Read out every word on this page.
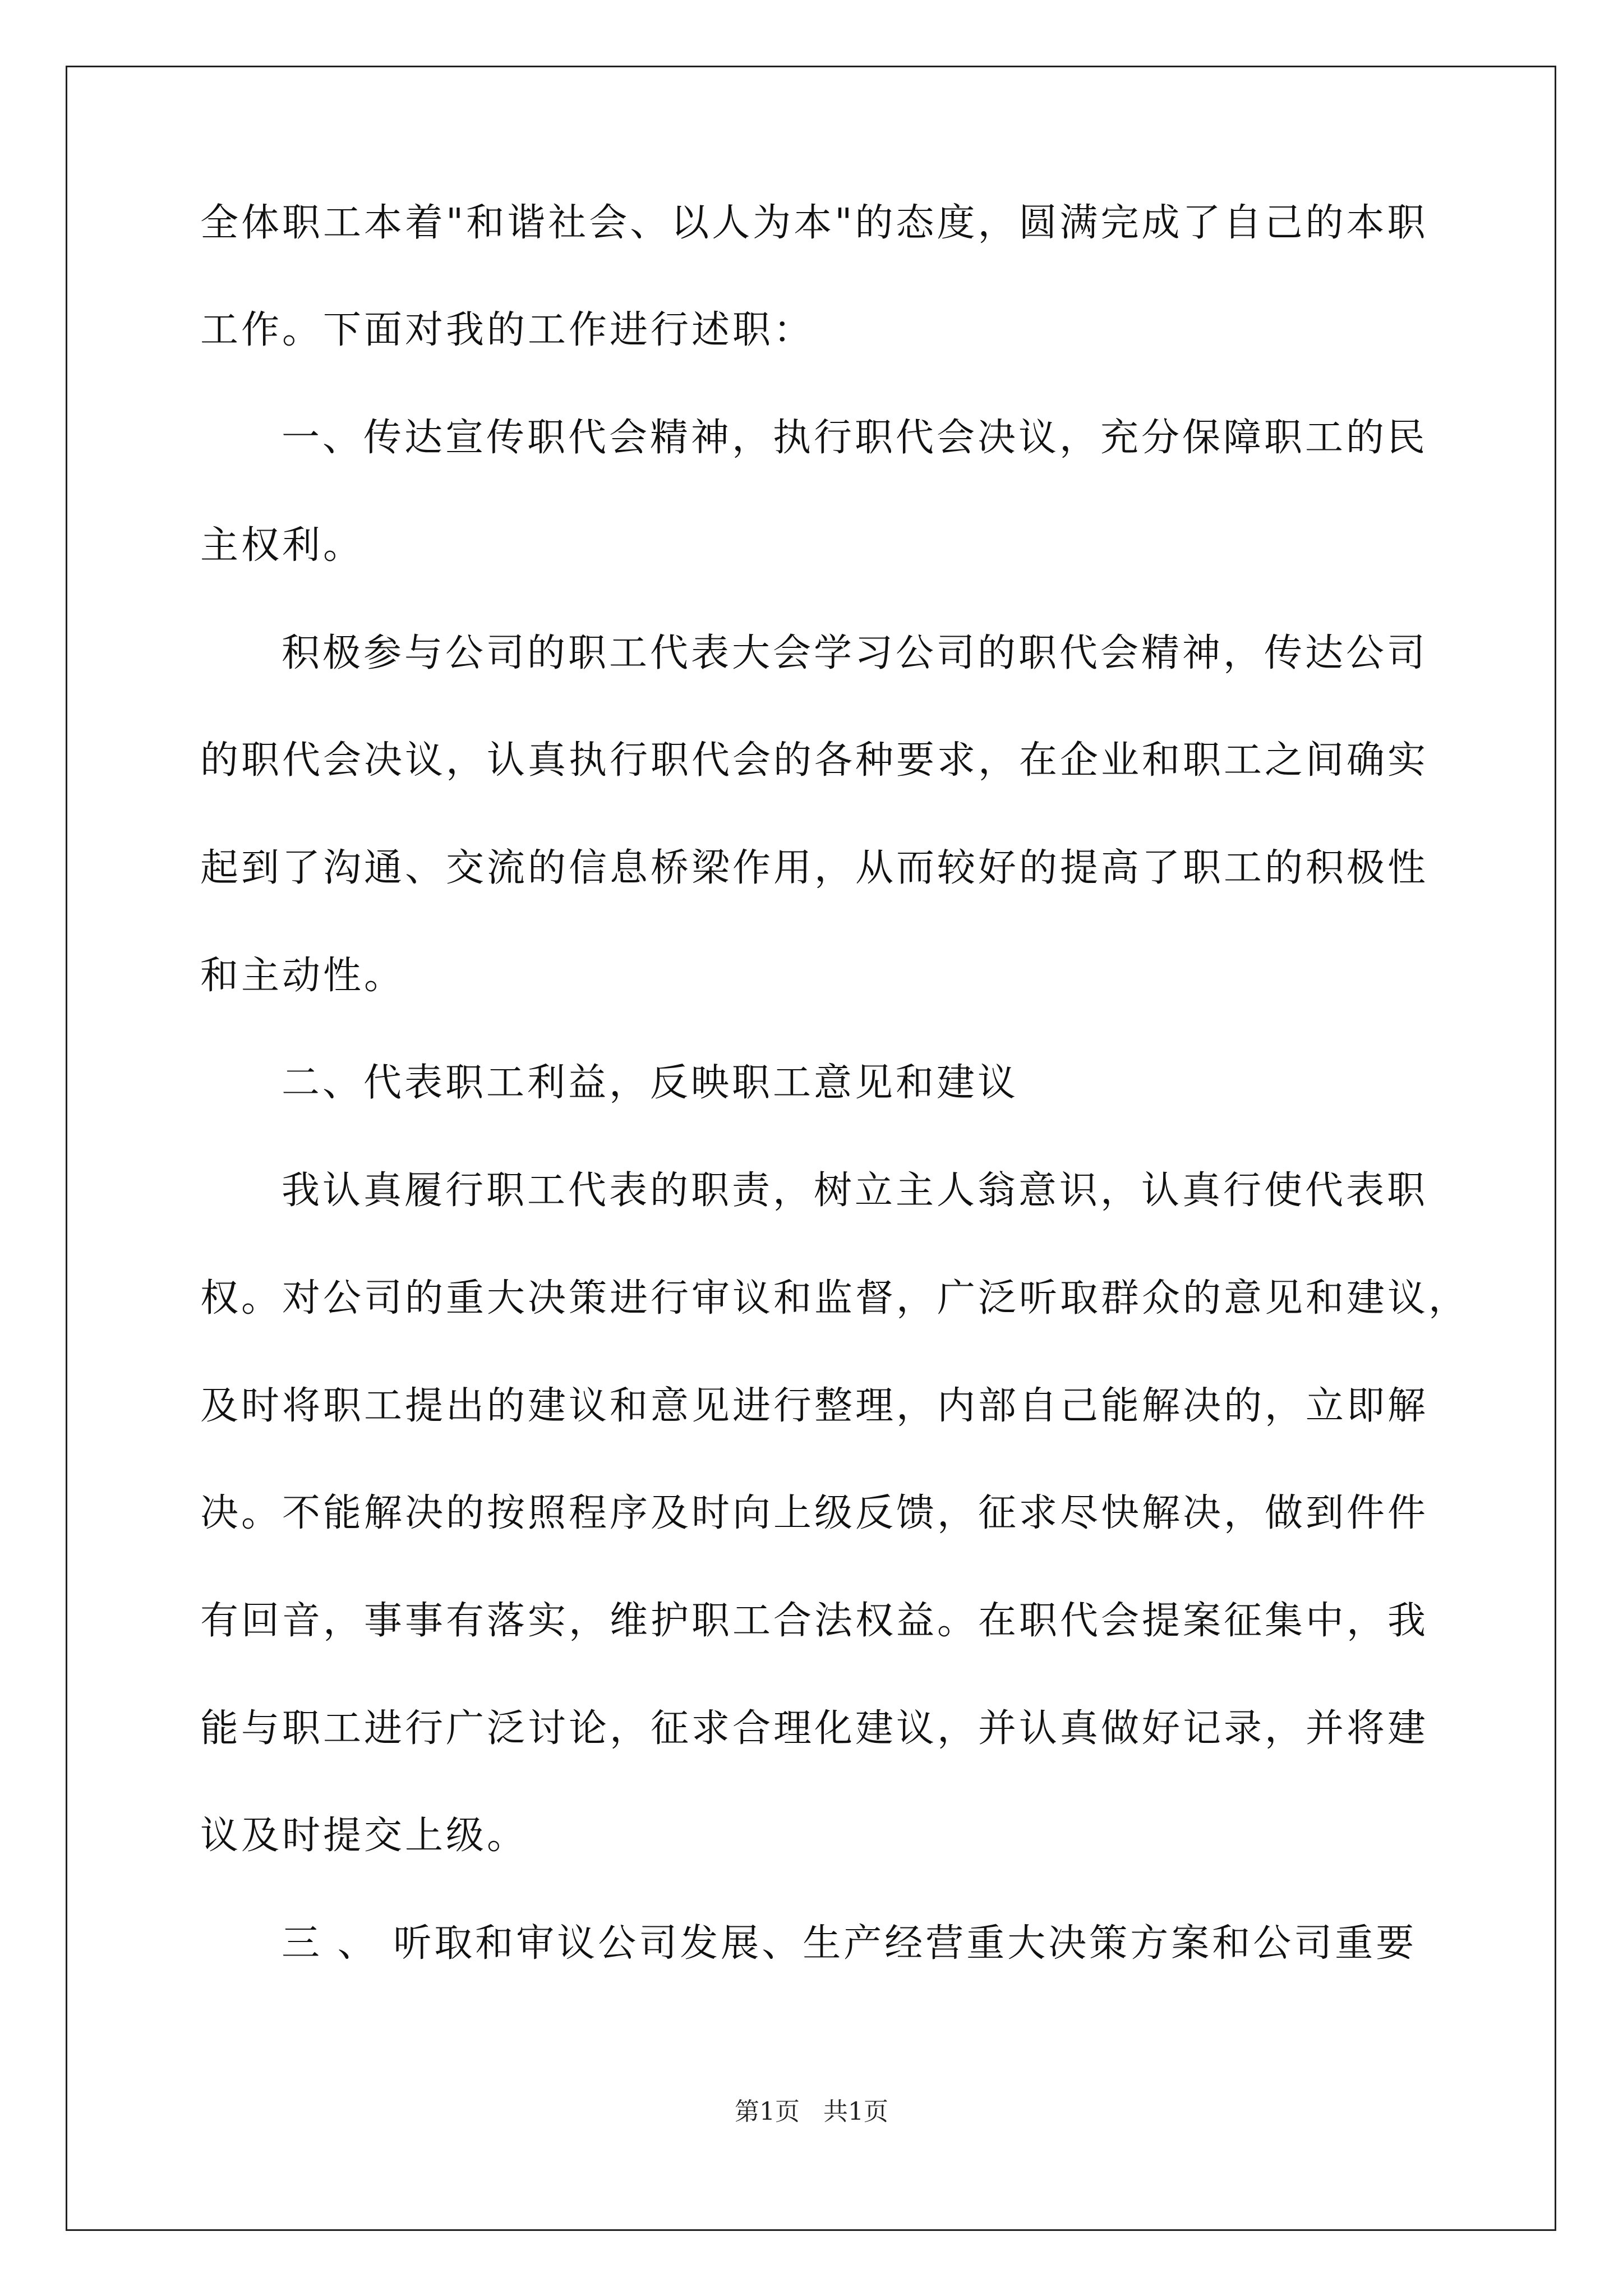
全体职工本着"和谐社会、以人为本"的态度，圆满完成了自己的本职
工作。下面对我的工作进行述职：
一、传达宣传职代会精神，执行职代会决议，充分保障职工的民
主权利。
积极参与公司的职工代表大会学习公司的职代会精神，传达公司
的职代会决议，认真执行职代会的各种要求，在企业和职工之间确实
起到了沟通、交流的信息桥梁作用，从而较好的提高了职工的积极性
和主动性。
二、代表职工利益，反映职工意见和建议
我认真履行职工代表的职责，树立主人翁意识，认真行使代表职
权。对公司的重大决策进行审议和监督，广泛听取群众的意见和建议，
及时将职工提出的建议和意见进行整理，内部自己能解决的，立即解
决。不能解决的按照程序及时向上级反馈，征求尽快解决，做到件件
有回音，事事有落实，维护职工合法权益。在职代会提案征集中，我
能与职工进行广泛讨论，征求合理化建议，并认真做好记录，并将建
议及时提交上级。
三 、 听取和审议公司发展、生产经营重大决策方案和公司重要
第1页   共1页
